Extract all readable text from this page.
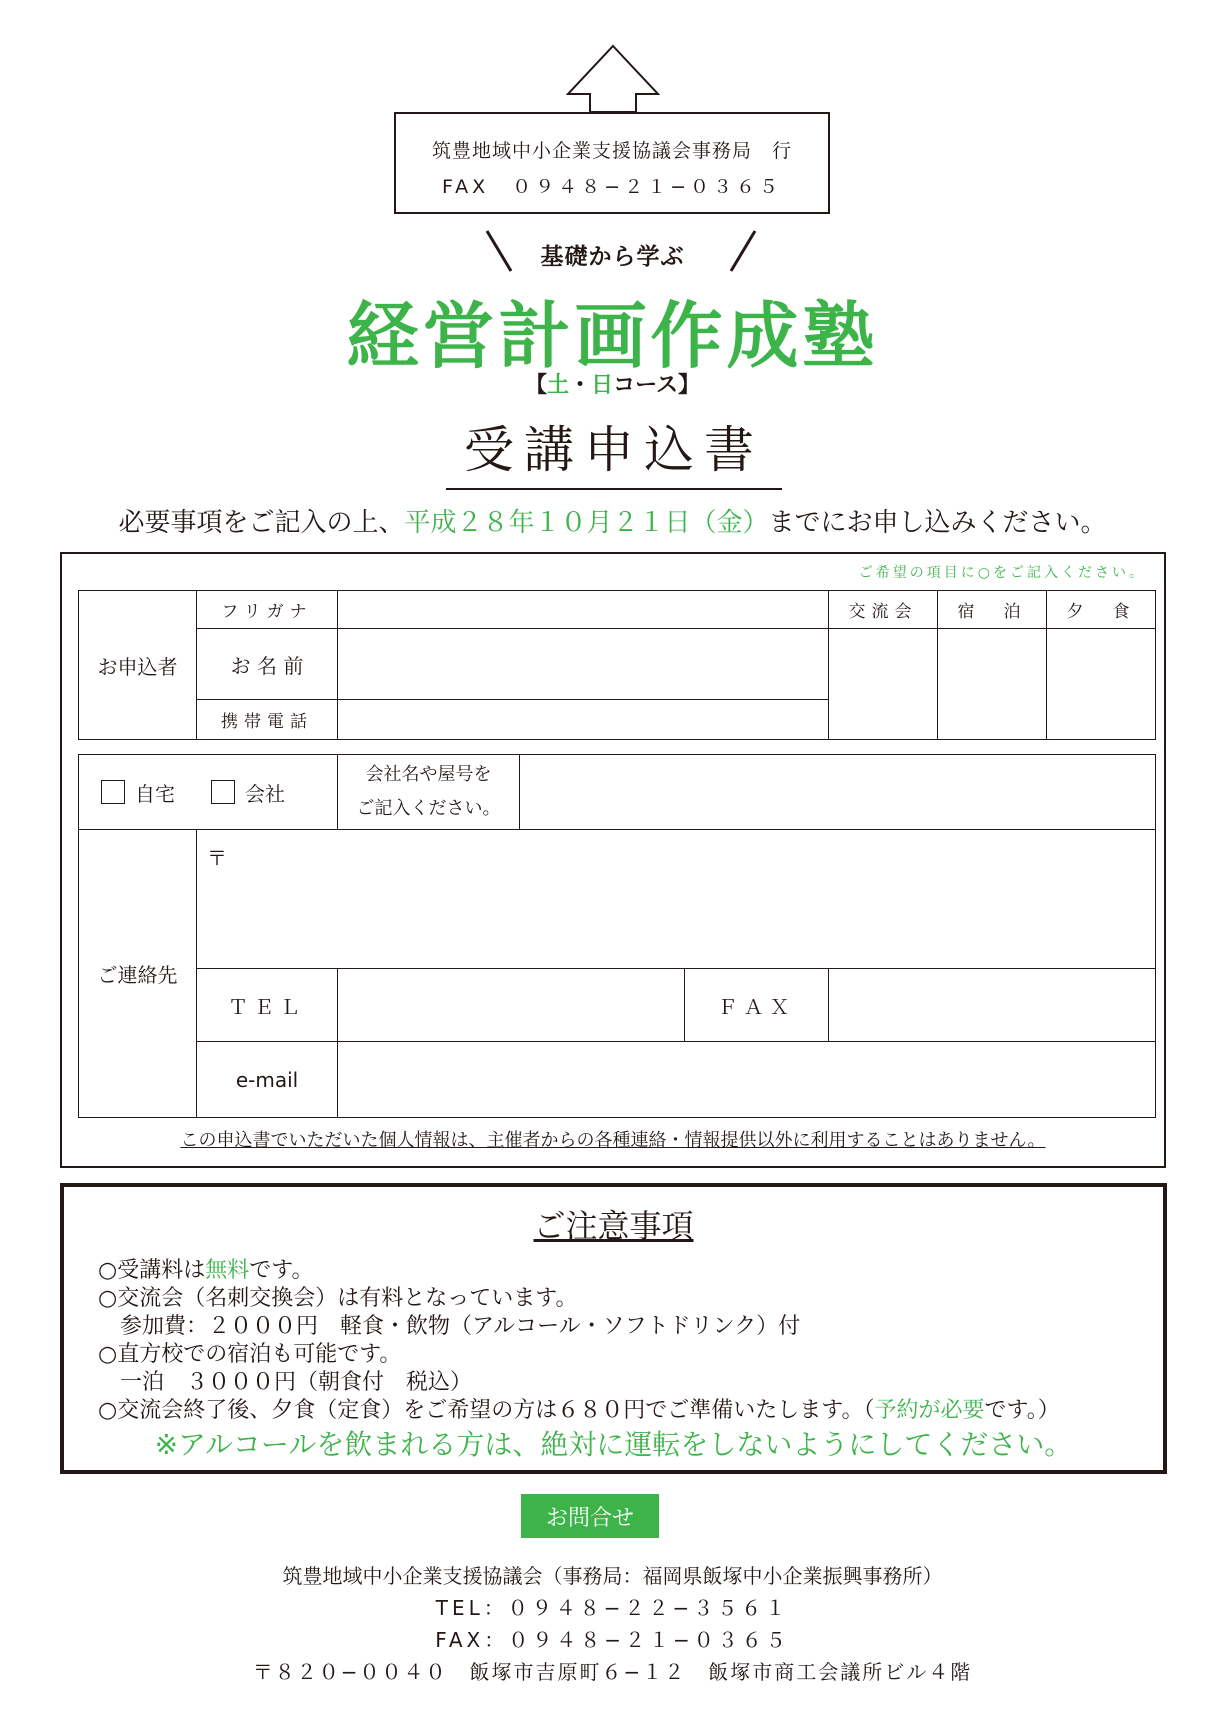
筑豊地域中小企業支援協議会事務局　行
FAX　０９４８−２１−０３６５
基礎から学ぶ
経営計画作成塾
【土・日コース】
受講申込書
必要事項をご記入の上、平成２８年１０月２１日（金）までにお申し込みください。
ご希望の項目に○をご記入ください。
お申込者
フリガナ
お 名 前
携帯電話
交流会 宿　泊 夕　食
自宅	会社
会社名や屋号を
ご記入ください。
ご連絡先
〒
ＴＥＬ	ＦＡＸ
e-mail
この申込書でいただいた個人情報は、主催者からの各種連絡・情報提供以外に利用することはありません。
ご注意事項
○受講料は無料です。
○交流会（名刺交換会）は有料となっています。
参加費：２０００円　軽食・飲物（アルコール・ソフトドリンク）付
○直方校での宿泊も可能です。
一泊　３０００円（朝食付　税込）
○交流会終了後、夕食（定食）をご希望の方は６８０円でご準備いたします。（予約が必要です。）
※アルコールを飲まれる方は、絶対に運転をしないようにしてください。
お問合せ
筑豊地域中小企業支援協議会（事務局：福岡県飯塚中小企業振興事務所）
TEL：０９４８−２２−３５６１
FAX：０９４８−２１−０３６５
〒８２０−００４０　飯塚市吉原町６−１２　飯塚市商工会議所ビル４階
